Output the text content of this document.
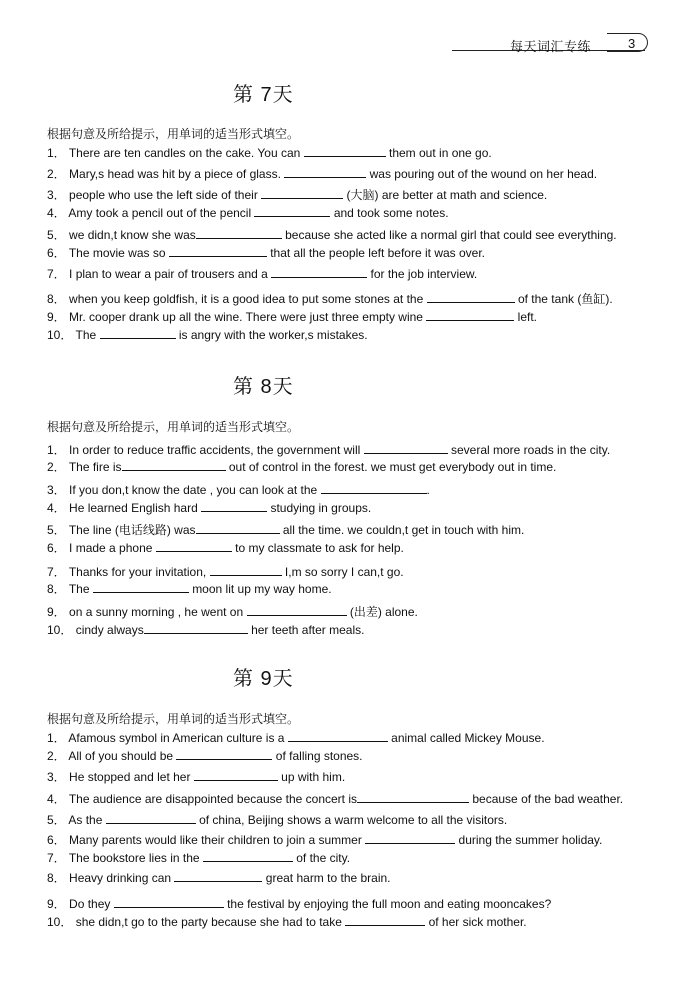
每天词汇专练	3
第 7天
根据句意及所给提示，用单词的适当形式填空。
1． There are ten candles on the cake. You can	them out in one go.
2． Mary,s head was hit by a piece of glass.	was pouring out of the wound on her head.
3． people who use the left side of their	(大脑) are better at math and science.
4． Amy took a pencil out of the pencil	and took some notes.
5． we didn,t know she was	because she acted like a normal girl that could see everything.
6． The movie was so	that all the people left before it was over.
7． I plan to wear a pair of trousers and a	for the job interview.
8． when you keep goldfish, it is a good idea to put some stones at the	of the tank (鱼缸).
9． Mr. cooper drank up all the wine. There were just three empty wine	left.
10． The	is angry with the worker,s mistakes.
第 8天
根据句意及所给提示，用单词的适当形式填空。
1． In order to reduce traffic accidents, the government will	several more roads in the city.
2． The fire is	out of control in the forest. we must get everybody out in time.
3． If you don,t know the date , you can look at the	.
4． He learned English hard	studying in groups.
5． The line (电话线路) was	all the time. we couldn,t get in touch with him.
6． I made a phone	to my classmate to ask for help.
7． Thanks for your invitation,	I,m so sorry I can,t go.
8． The	moon lit up my way home.
9． on a sunny morning , he went on	(出差) alone.
10． cindy always	her teeth after meals.
第 9天
根据句意及所给提示，用单词的适当形式填空。
1． Afamous symbol in American culture is a	animal called Mickey Mouse.
2． All of you should be	of falling stones.
3． He stopped and let her	up with him.
4． The audience are disappointed because the concert is	because of the bad weather.
5． As the	of china, Beijing shows a warm welcome to all the visitors.
6． Many parents would like their children to join a summer	during the summer holiday.
7． The bookstore lies in the	of the city.
8． Heavy drinking can	great harm to the brain.
9． Do they	the festival by enjoying the full moon and eating mooncakes?
10． she didn,t go to the party because she had to take	of her sick mother.
